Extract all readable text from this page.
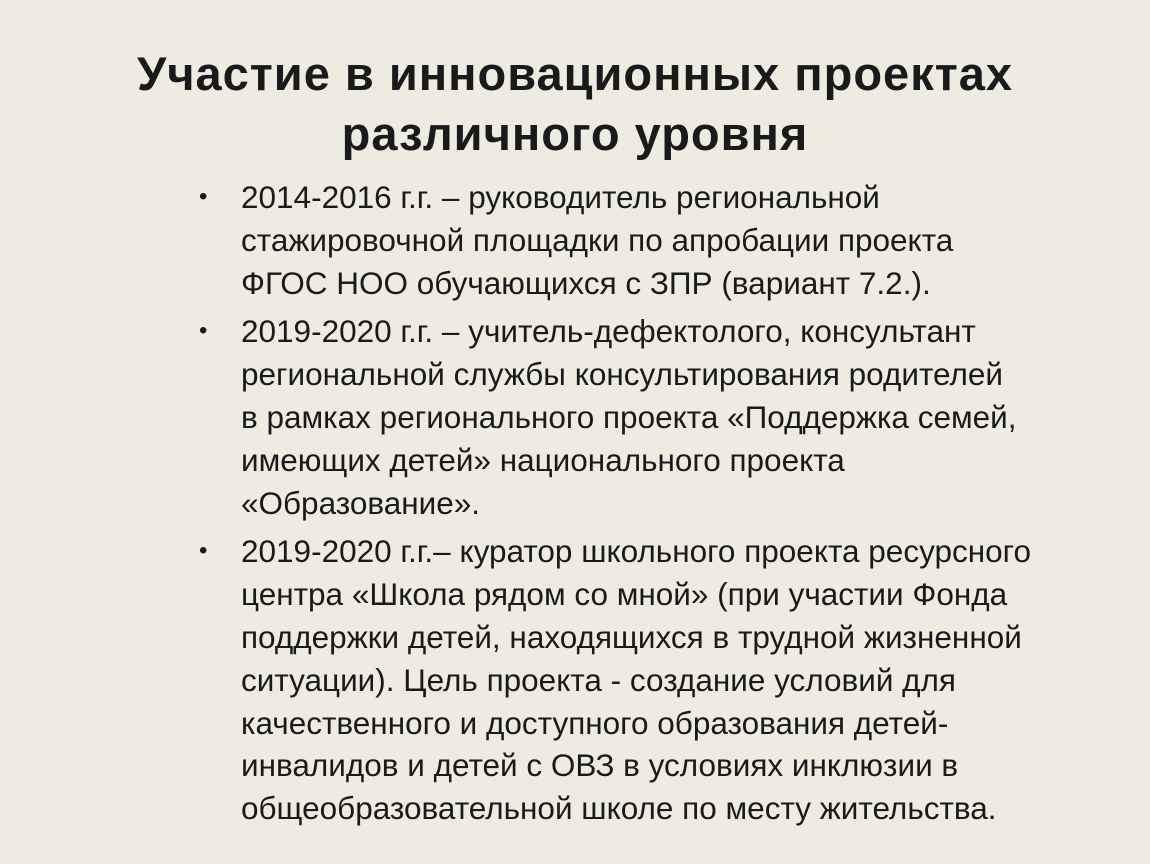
Участие в инновационных проектах
различного уровня
• 2014-2016 г.г. – руководитель региональной
стажировочной площадки по апробации проекта
ФГОС НОО обучающихся с ЗПР (вариант 7.2.).
• 2019-2020 г.г. – учитель-дефектолого, консультант
региональной службы консультирования родителей
в рамках регионального проекта «Поддержка семей,
имеющих детей» национального проекта
«Образование».
• 2019-2020 г.г.– куратор школьного проекта ресурсного
центра «Школа рядом со мной» (при участии Фонда
поддержки детей, находящихся в трудной жизненной
ситуации). Цель проекта - создание условий для
качественного и доступного образования детей-
инвалидов и детей с ОВЗ в условиях инклюзии в
общеобразовательной школе по месту жительства.
